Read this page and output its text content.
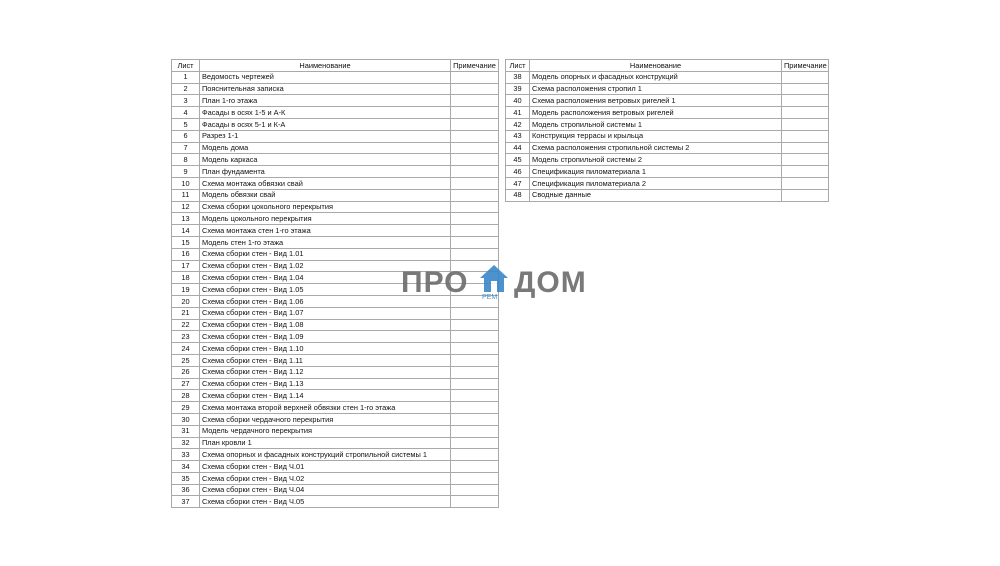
Лист	Наименование	Примечание
1	Ведомость чертежей	
2	Пояснительная записка	
3	План 1-го этажа	
4	Фасады в осях 1-5 и А-К	
5	Фасады в осях 5-1 и К-А	
6	Разрез 1-1	
7	Модель дома	
8	Модель каркаса	
9	План фундамента	
10	Схема монтажа обвязки свай	
11	Модель обвязки свай	
12	Схема сборки цокольного перекрытия	
13	Модель цокольного перекрытия	
14	Схема монтажа стен 1-го этажа	
15	Модель стен 1-го этажа	
16	Схема сборки стен - Вид 1.01	
17	Схема сборки стен - Вид 1.02	
18	Схема сборки стен - Вид 1.04	
19	Схема сборки стен - Вид 1.05	
20	Схема сборки стен - Вид 1.06	
21	Схема сборки стен - Вид 1.07	
22	Схема сборки стен - Вид 1.08	
23	Схема сборки стен - Вид 1.09	
24	Схема сборки стен - Вид 1.10	
25	Схема сборки стен - Вид 1.11	
26	Схема сборки стен - Вид 1.12	
27	Схема сборки стен - Вид 1.13	
28	Схема сборки стен - Вид 1.14	
29	Схема монтажа второй верхней обвязки стен 1-го этажа	
30	Схема сборки чердачного перекрытия	
31	Модель чердачного перекрытия	
32	План кровли 1	
33	Схема опорных и фасадных конструкций стропильной системы 1	
34	Схема сборки стен - Вид Ч.01	
35	Схема сборки стен - Вид Ч.02	
36	Схема сборки стен - Вид Ч.04	
37	Схема сборки стен - Вид Ч.05	
Лист	Наименование	Примечание
38	Модель опорных и фасадных конструкций	
39	Схема расположения стропил 1	
40	Схема расположения ветровых ригелей 1	
41	Модель расположения ветровых ригелей	
42	Модель стропильной системы 1	
43	Конструкция террасы и крыльца	
44	Схема расположения стропильной системы 2	
45	Модель стропильной системы 2	
46	Спецификация пиломатериала 1	
47	Спецификация пиломатериала 2	
48	Сводные данные	
ПРО РЕМ ДОМ
